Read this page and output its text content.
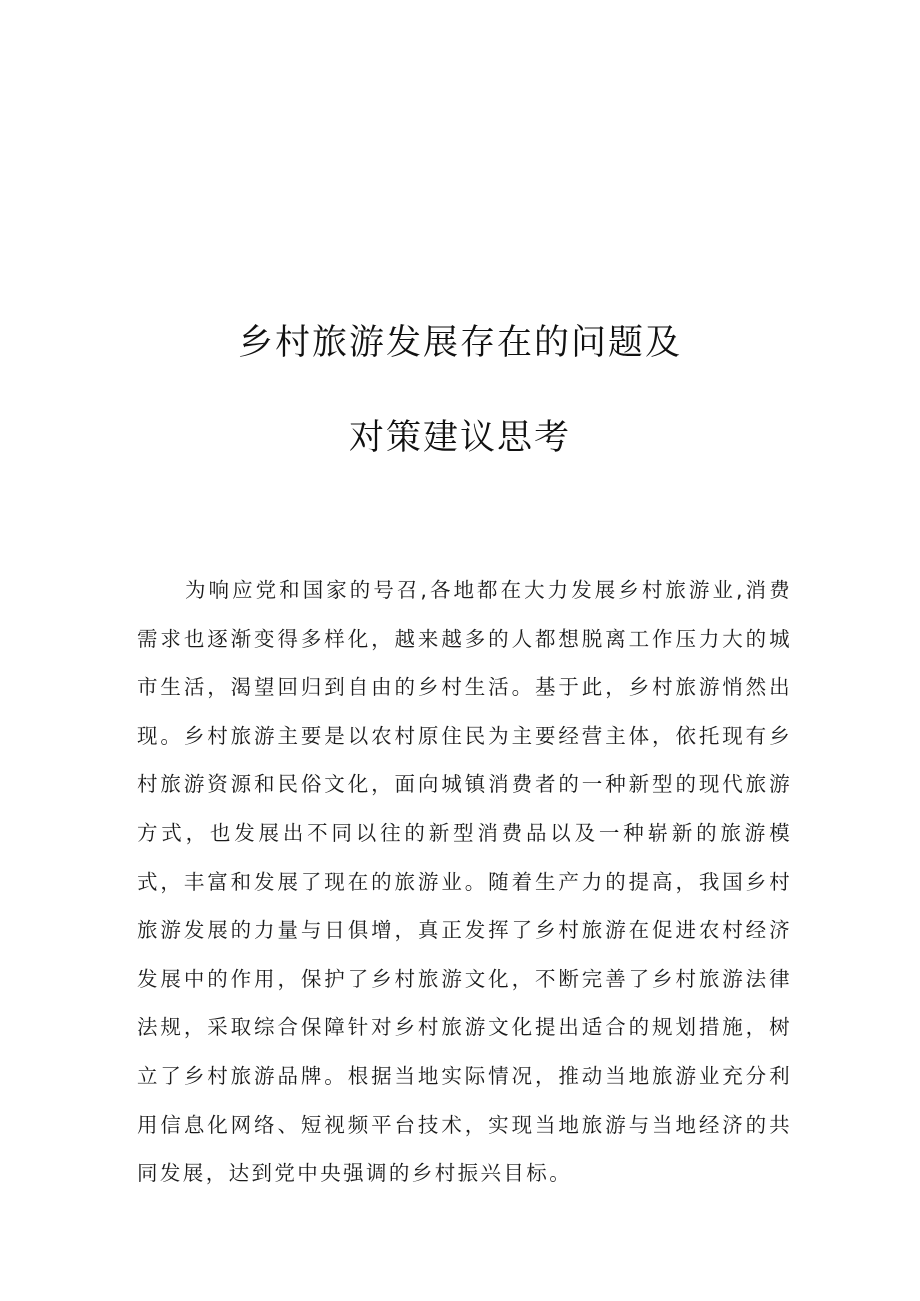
乡村旅游发展存在的问题及
对策建议思考

为响应党和国家的号召,各地都在大力发展乡村旅游业,消费需求也逐渐变得多样化，越来越多的人都想脱离工作压力大的城市生活，渴望回归到自由的乡村生活。基于此，乡村旅游悄然出现。乡村旅游主要是以农村原住民为主要经营主体，依托现有乡村旅游资源和民俗文化，面向城镇消费者的一种新型的现代旅游方式，也发展出不同以往的新型消费品以及一种崭新的旅游模式，丰富和发展了现在的旅游业。随着生产力的提高，我国乡村旅游发展的力量与日俱增，真正发挥了乡村旅游在促进农村经济发展中的作用，保护了乡村旅游文化，不断完善了乡村旅游法律法规，采取综合保障针对乡村旅游文化提出适合的规划措施，树立了乡村旅游品牌。根据当地实际情况，推动当地旅游业充分利用信息化网络、短视频平台技术，实现当地旅游与当地经济的共同发展，达到党中央强调的乡村振兴目标。
